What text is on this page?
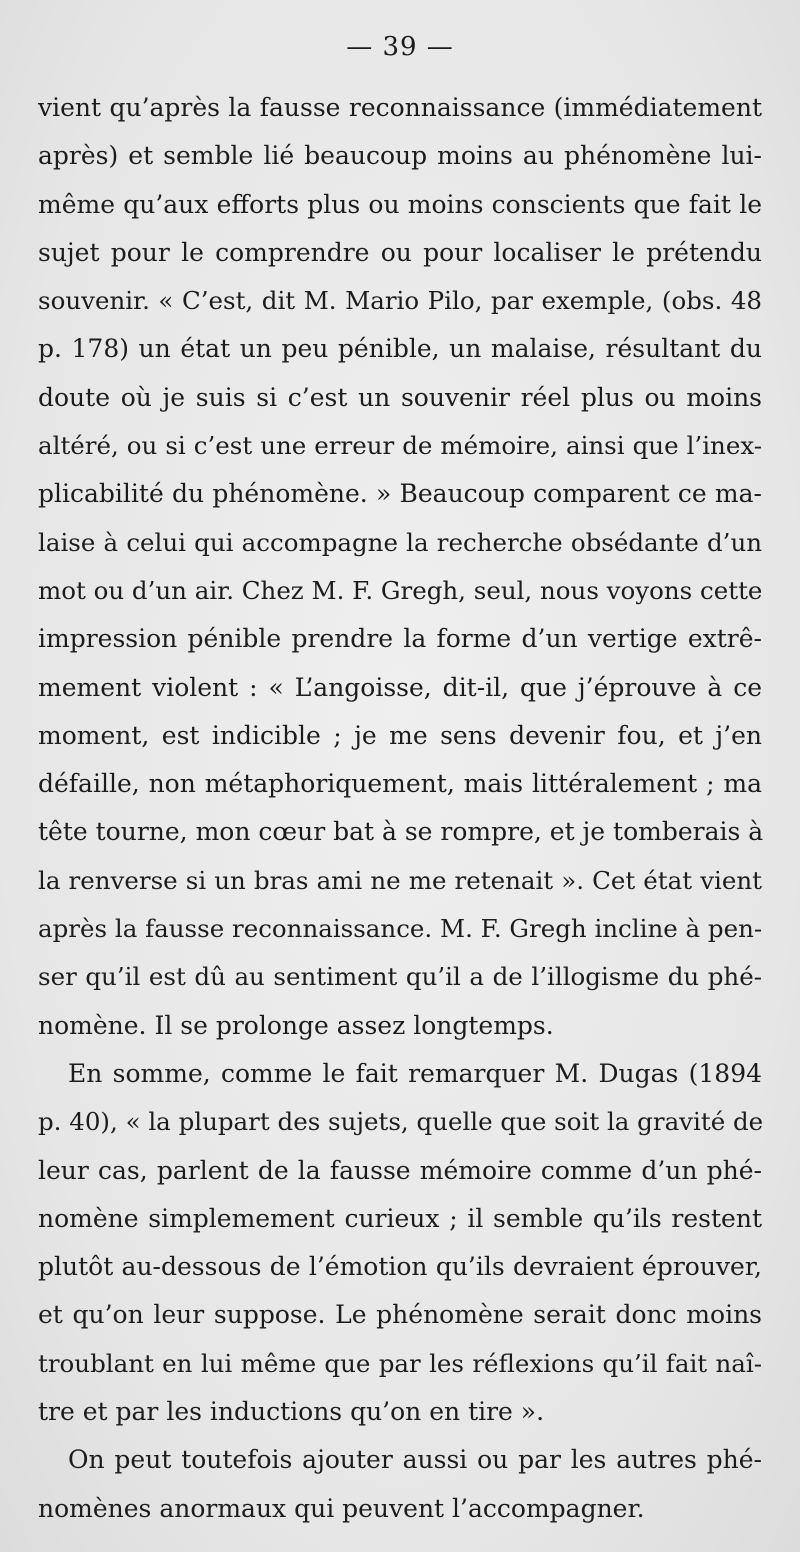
— 39 —
vient qu’après la fausse reconnaissance (immédiatement
après) et semble lié beaucoup moins au phénomène lui-
même qu’aux efforts plus ou moins conscients que fait le
sujet pour le comprendre ou pour localiser le prétendu
souvenir. « C’est, dit M. Mario Pilo, par exemple, (obs. 48
p. 178) un état un peu pénible, un malaise, résultant du
doute où je suis si c’est un souvenir réel plus ou moins
altéré, ou si c’est une erreur de mémoire, ainsi que l’inex-
plicabilité du phénomène. » Beaucoup comparent ce ma-
laise à celui qui accompagne la recherche obsédante d’un
mot ou d’un air. Chez M. F. Gregh, seul, nous voyons cette
impression pénible prendre la forme d’un vertige extrê-
mement violent : « L’angoisse, dit-il, que j’éprouve à ce
moment, est indicible ; je me sens devenir fou, et j’en
défaille, non métaphoriquement, mais littéralement ; ma
tête tourne, mon cœur bat à se rompre, et je tomberais à
la renverse si un bras ami ne me retenait ». Cet état vient
après la fausse reconnaissance. M. F. Gregh incline à pen-
ser qu’il est dû au sentiment qu’il a de l’illogisme du phé-
nomène. Il se prolonge assez longtemps.
En somme, comme le fait remarquer M. Dugas (1894
p. 40), « la plupart des sujets, quelle que soit la gravité de
leur cas, parlent de la fausse mémoire comme d’un phé-
nomène simplemement curieux ; il semble qu’ils restent
plutôt au-dessous de l’émotion qu’ils devraient éprouver,
et qu’on leur suppose. Le phénomène serait donc moins
troublant en lui même que par les réflexions qu’il fait naî-
tre et par les inductions qu’on en tire ».
On peut toutefois ajouter aussi ou par les autres phé-
nomènes anormaux qui peuvent l’accompagner.
